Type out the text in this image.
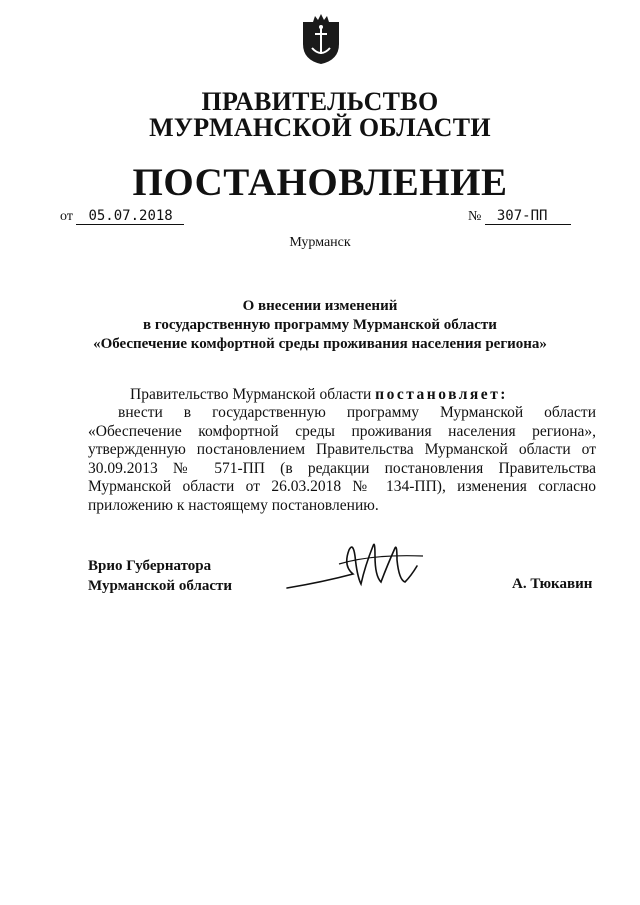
ПРАВИТЕЛЬСТВО
МУРМАНСКОЙ ОБЛАСТИ
ПОСТАНОВЛЕНИЕ
от 05.07.2018	№ 307-ПП
Мурманск
О внесении изменений
в государственную программу Мурманской области
«Обеспечение комфортной среды проживания населения региона»
Правительство Мурманской области постановляет:
внести в государственную программу Мурманской области «Обеспечение комфортной среды проживания населения региона», утвержденную постановлением Правительства Мурманской области от 30.09.2013 № 571-ПП (в редакции постановления Правительства Мурманской области от 26.03.2018 № 134-ПП), изменения согласно приложению к настоящему постановлению.
Врио Губернатора
Мурманской области	А. Тюкавин
